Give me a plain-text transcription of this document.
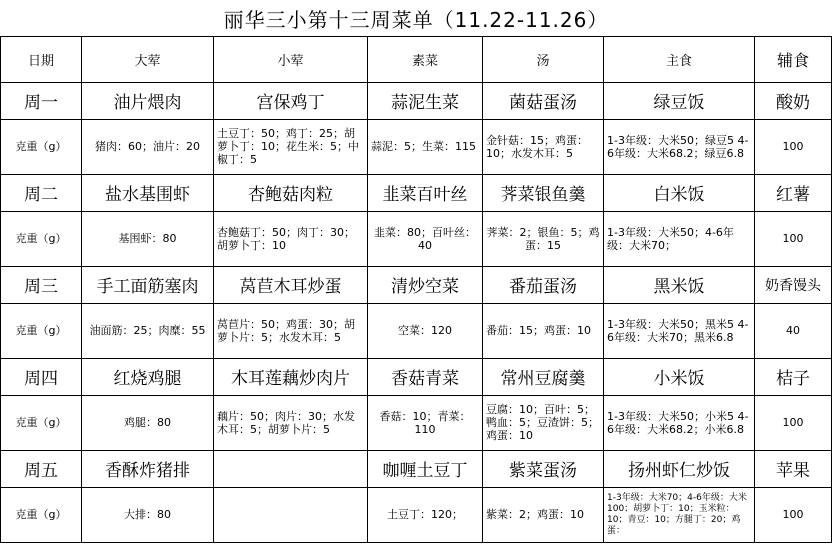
丽华三小第十三周菜单（11.22-11.26）
日期	大荤	小荤	素菜	汤	主食	辅食
周一	油片煨肉	宫保鸡丁	蒜泥生菜	菌菇蛋汤	绿豆饭	酸奶
克重（g）	猪肉：60；油片：20	土豆丁：50；鸡丁：25；胡萝卜丁：10；花生米：5；中椒丁：5	蒜泥：5；生菜：115	金针菇：15；鸡蛋：10；水发木耳：5	1-3年级：大米50；绿豆5 4-6年级：大米68.2；绿豆6.8	100
周二	盐水基围虾	杏鲍菇肉粒	韭菜百叶丝	荠菜银鱼羹	白米饭	红薯
克重（g）	基围虾：80	杏鲍菇丁：50；肉丁：30；胡萝卜丁：10	韭菜：80；百叶丝：40	荠菜：2；银鱼：5；鸡蛋：15	1-3年级：大米50；4-6年级：大米70；	100
周三	手工面筋塞肉	莴苣木耳炒蛋	清炒空菜	番茄蛋汤	黑米饭	奶香馒头
克重（g）	油面筋：25；肉糜：55	莴苣片：50；鸡蛋：30；胡萝卜片：5；水发木耳：5	空菜：120	番茄：15；鸡蛋：10	1-3年级：大米50；黑米5 4-6年级：大米70；黑米6.8	40
周四	红烧鸡腿	木耳莲藕炒肉片	香菇青菜	常州豆腐羹	小米饭	桔子
克重（g）	鸡腿：80	藕片：50；肉片：30；水发木耳：5；胡萝卜片：5	香菇：10；青菜：110	豆腐：10；百叶：5；鸭血：5；豆渣饼：5；鸡蛋：10	1-3年级：大米50；小米5 4-6年级：大米68.2；小米6.8	100
周五	香酥炸猪排		咖喱土豆丁	紫菜蛋汤	扬州虾仁炒饭	苹果
克重（g）	大排：80		土豆丁：120；	紫菜：2；鸡蛋：10	1-3年级：大米70；4-6年级：大米100；胡萝卜丁：10；玉米粒：10；青豆：10；方腿丁：20；鸡蛋：	100
